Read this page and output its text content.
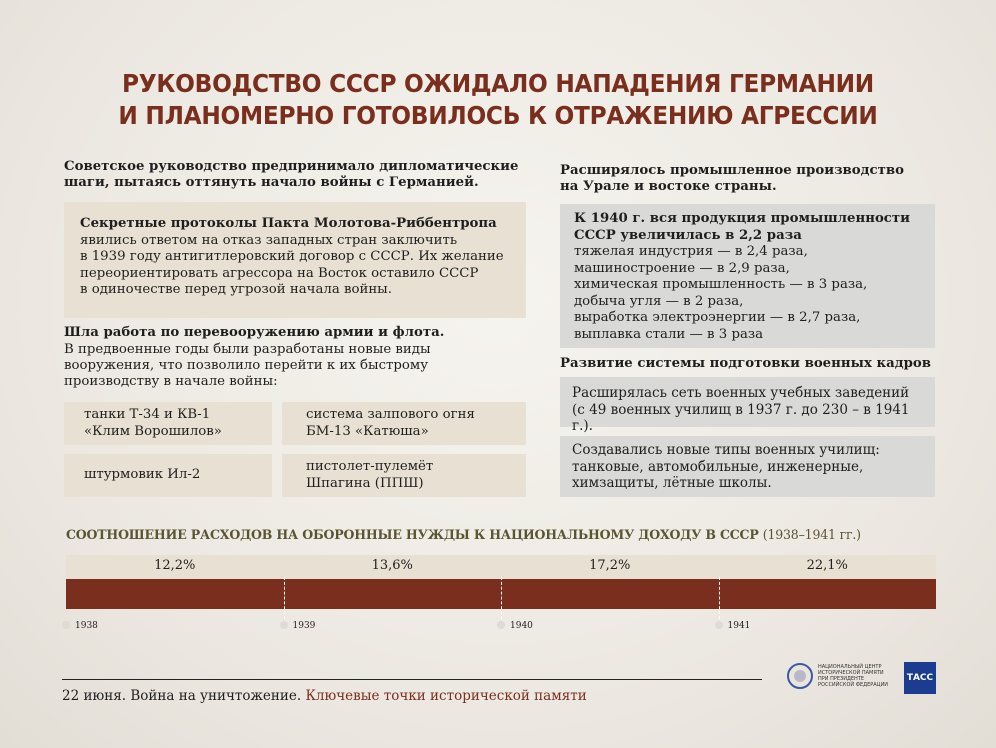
РУКОВОДСТВО СССР ОЖИДАЛО НАПАДЕНИЯ ГЕРМАНИИ
И ПЛАНОМЕРНО ГОТОВИЛОСЬ К ОТРАЖЕНИЮ АГРЕССИИ
Советское руководство предпринимало дипломатические
шаги, пытаясь оттянуть начало войны с Германией.
Секретные протоколы Пакта Молотова-Риббентропа
явились ответом на отказ западных стран заключить
в 1939 году антигитлеровский договор с СССР. Их желание
переориентировать агрессора на Восток оставило СССР
в одиночестве перед угрозой начала войны.
Шла работа по перевооружению армии и флота.
В предвоенные годы были разработаны новые виды
вооружения, что позволило перейти к их быстрому
производству в начале войны:
танки Т-34 и КВ-1
«Клим Ворошилов»
система залпового огня
БМ-13 «Катюша»
штурмовик Ил-2
пистолет-пулемёт
Шпагина (ППШ)
Расширялось промышленное производство
на Урале и востоке страны.
К 1940 г. вся продукция промышленности
СССР увеличилась в 2,2 раза
тяжелая индустрия — в 2,4 раза,
машиностроение — в 2,9 раза,
химическая промышленность — в 3 раза,
добыча угля — в 2 раза,
выработка электроэнергии — в 2,7 раза,
выплавка стали — в 3 раза
Развитие системы подготовки военных кадров
Расширялась сеть военных учебных заведений
(с 49 военных училищ в 1937 г. до 230 – в 1941 г.).
Создавались новые типы военных училищ:
танковые, автомобильные, инженерные,
химзащиты, лётные школы.
СООТНОШЕНИЕ РАСХОДОВ НА ОБОРОННЫЕ НУЖДЫ К НАЦИОНАЛЬНОМУ ДОХОДУ В СССР (1938–1941 гг.)
12,2%
1938
13,6%
1939
17,2%
1940
22,1%
1941
22 июня. Война на уничтожение. Ключевые точки исторической памяти
НАЦИОНАЛЬНЫЙ ЦЕНТР
ИСТОРИЧЕСКОЙ ПАМЯТИ
ПРИ ПРЕЗИДЕНТЕ
РОССИЙСКОЙ ФЕДЕРАЦИИ
ТАСС
